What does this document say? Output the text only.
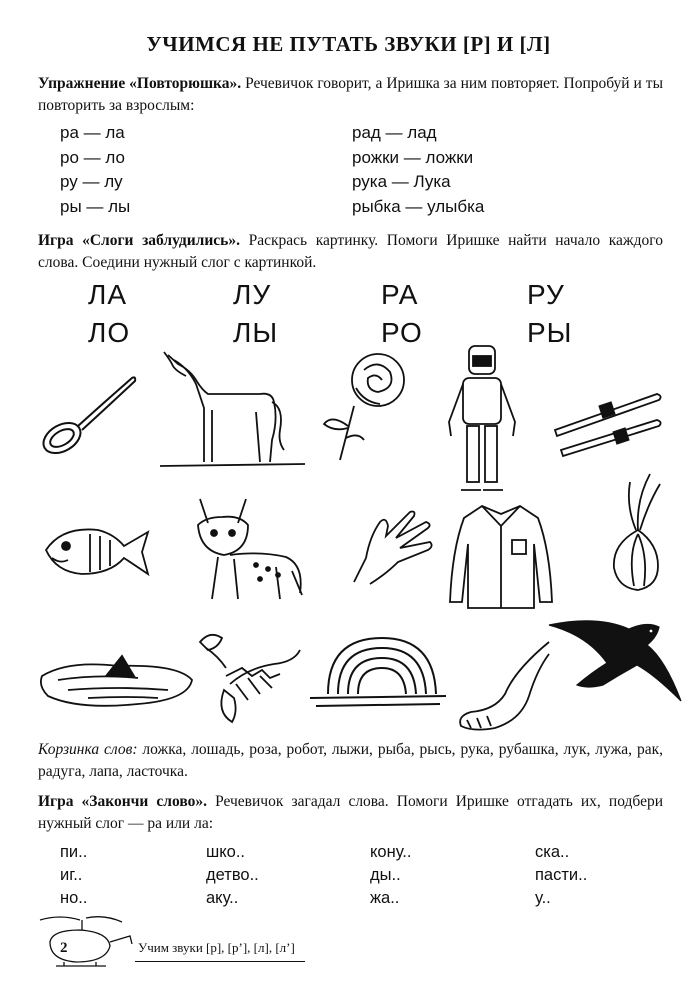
УЧИМСЯ НЕ ПУТАТЬ ЗВУКИ [Р] И [Л]
Упражнение «Повторюшка». Речевичок говорит, а Иришка за ним повторяет. Попробуй и ты повторить за взрослым:
ра — ла
ро — ло
ру — лу
ры — лы
рад — лад
рожки — ложки
рука — Лука
рыбка — улыбка
Игра «Слоги заблудились». Раскрась картинку. Помоги Иришке найти начало каждого слова. Соедини нужный слог с картинкой.
ЛА
ЛО
ЛУ
ЛЫ
РА
РО
РУ
РЫ
Корзинка слов: ложка, лошадь, роза, робот, лыжи, рыба, рысь, рука, рубашка, лук, лужа, рак, радуга, лапа, ласточка.
Игра «Закончи слово». Речевичок загадал слова. Помоги Иришке отгадать их, подбери нужный слог — ра или ла:
пи..
иг..
но..
шко..
детво..
аку..
кону..
ды..
жа..
ска..
пасти..
у..
2	Учим звуки [р], [р’], [л], [л’]
